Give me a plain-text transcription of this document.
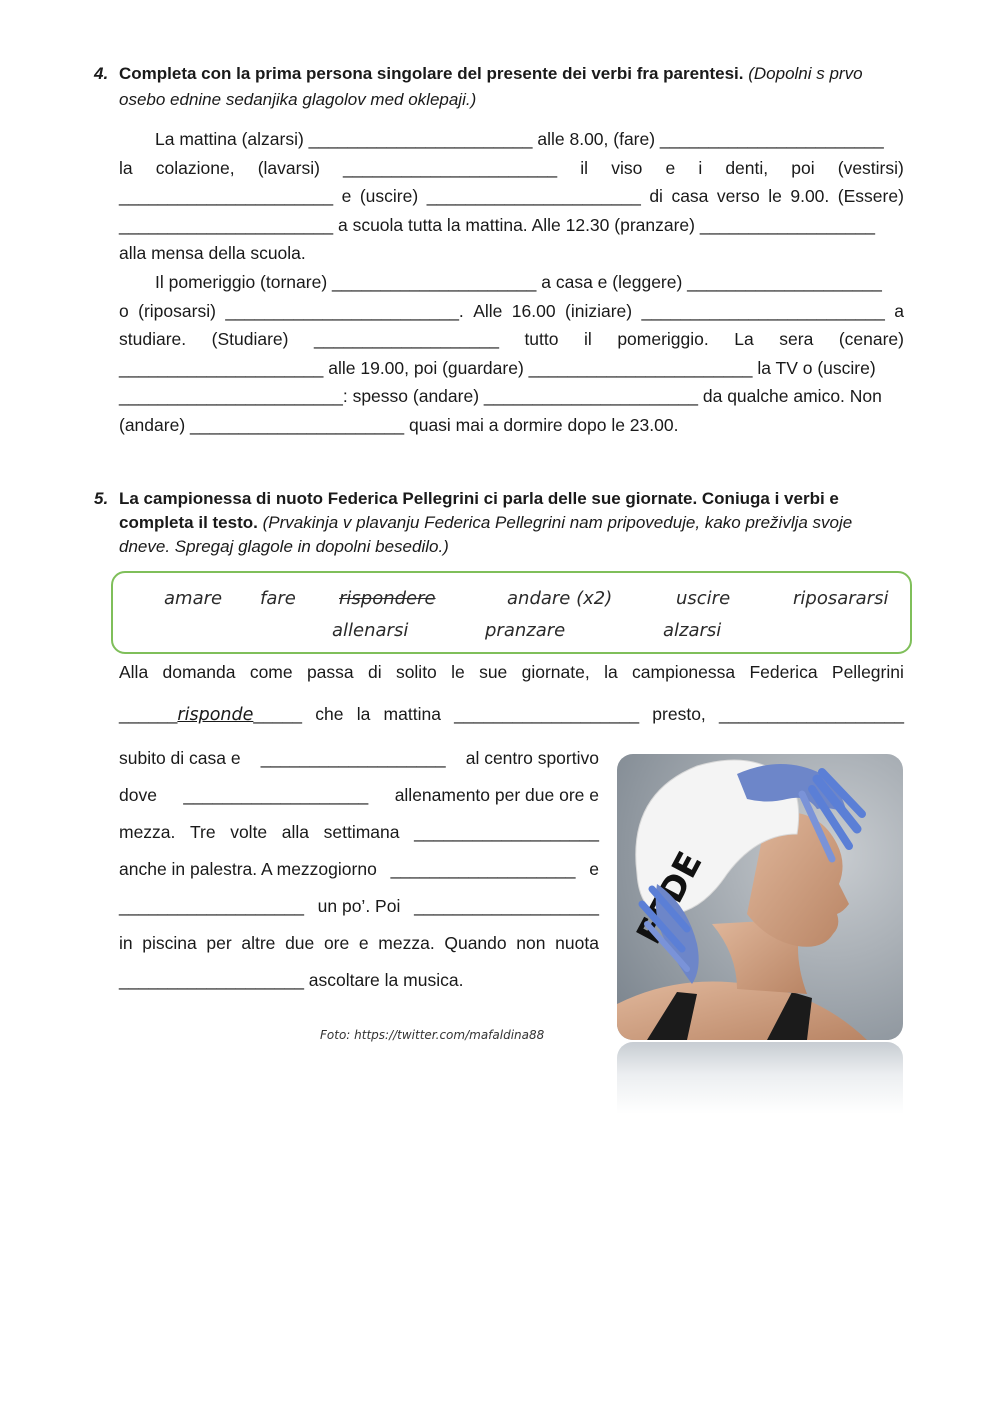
4. Completa con la prima persona singolare del presente dei verbi fra parentesi. (Dopolni s prvo osebo ednine sedanjika glagolov med oklepaji.)
La mattina (alzarsi) _______________________ alle 8.00, (fare) _______________________
la colazione, (lavarsi) ______________________ il viso e i denti, poi (vestirsi)
______________________ e (uscire) ______________________ di casa verso le 9.00. (Essere)
______________________ a scuola tutta la mattina. Alle 12.30 (pranzare) __________________
alla mensa della scuola.
Il pomeriggio (tornare) _____________________ a casa e (leggere) ____________________
o (riposarsi) ________________________. Alle 16.00 (iniziare) _________________________ a
studiare. (Studiare) ___________________ tutto il pomeriggio. La sera (cenare)
_____________________ alle 19.00, poi (guardare) _______________________ la TV o (uscire)
_______________________: spesso (andare) ______________________ da qualche amico. Non
(andare) ______________________ quasi mai a dormire dopo le 23.00.
5. La campionessa di nuoto Federica Pellegrini ci parla delle sue giornate. Coniuga i verbi e completa il testo. (Prvakinja v plavanju Federica Pellegrini nam pripoveduje, kako preživlja svoje dneve. Spregaj glagole in dopolni besedilo.)
amare fare rispondere	andare (x2)	uscire	riposararsi
allenarsi	pranzare	alzarsi
Alla domanda come passa di solito le sue giornate, la campionessa Federica Pellegrini
______risponde_____ che la mattina ___________________ presto, ___________________
subito di casa e ___________________ al centro sportivo
dove ___________________ allenamento per due ore e
mezza. Tre volte alla settimana ___________________
anche in palestra. A mezzogiorno ___________________ e
___________________ un po’. Poi ___________________
in piscina per altre due ore e mezza. Quando non nuota
___________________ ascoltare la musica.
Foto: https://twitter.com/mafaldina88
